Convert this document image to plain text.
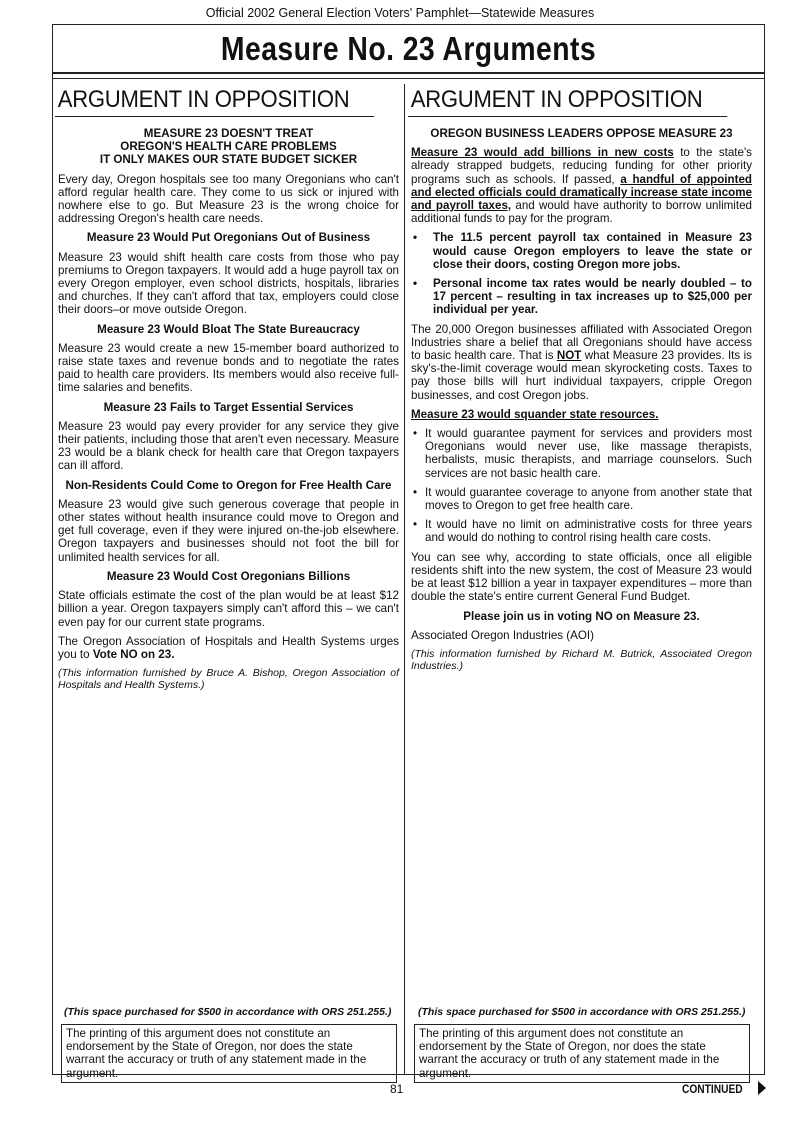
Official 2002 General Election Voters' Pamphlet—Statewide Measures
Measure No. 23 Arguments
ARGUMENT IN OPPOSITION
MEASURE 23 DOESN'T TREAT
OREGON'S HEALTH CARE PROBLEMS
IT ONLY MAKES OUR STATE BUDGET SICKER

Every day, Oregon hospitals see too many Oregonians who can't afford regular health care. They come to us sick or injured with nowhere else to go. But Measure 23 is the wrong choice for addressing Oregon's health care needs.

Measure 23 Would Put Oregonians Out of Business

Measure 23 would shift health care costs from those who pay premiums to Oregon taxpayers. It would add a huge payroll tax on every Oregon employer, even school districts, hospitals, libraries and churches. If they can't afford that tax, employers could close their doors–or move outside Oregon.

Measure 23 Would Bloat The State Bureaucracy

Measure 23 would create a new 15-member board authorized to raise state taxes and revenue bonds and to negotiate the rates paid to health care providers. Its members would also receive full-time salaries and benefits.

Measure 23 Fails to Target Essential Services

Measure 23 would pay every provider for any service they give their patients, including those that aren't even necessary. Measure 23 would be a blank check for health care that Oregon taxpayers can ill afford.

Non-Residents Could Come to Oregon for Free Health Care

Measure 23 would give such generous coverage that people in other states without health insurance could move to Oregon and get full coverage, even if they were injured on-the-job elsewhere. Oregon taxpayers and businesses should not foot the bill for unlimited health services for all.

Measure 23 Would Cost Oregonians Billions

State officials estimate the cost of the plan would be at least $12 billion a year. Oregon taxpayers simply can't afford this – we can't even pay for our current state programs.

The Oregon Association of Hospitals and Health Systems urges you to Vote NO on 23.

(This information furnished by Bruce A. Bishop, Oregon Association of Hospitals and Health Systems.)

ARGUMENT IN OPPOSITION
OREGON BUSINESS LEADERS OPPOSE MEASURE 23

Measure 23 would add billions in new costs to the state's already strapped budgets, reducing funding for other priority programs such as schools. If passed, a handful of appointed and elected officials could dramatically increase state income and payroll taxes, and would have authority to borrow unlimited additional funds to pay for the program.

• The 11.5 percent payroll tax contained in Measure 23 would cause Oregon employers to leave the state or close their doors, costing Oregon more jobs.
• Personal income tax rates would be nearly doubled – to 17 percent – resulting in tax increases up to $25,000 per individual per year.

The 20,000 Oregon businesses affiliated with Associated Oregon Industries share a belief that all Oregonians should have access to basic health care. That is NOT what Measure 23 provides. Its is sky's-the-limit coverage would mean skyrocketing costs. Taxes to pay those bills will hurt individual taxpayers, cripple Oregon businesses, and cost Oregon jobs.

Measure 23 would squander state resources.

• It would guarantee payment for services and providers most Oregonians would never use, like massage therapists, herbalists, music therapists, and marriage counselors. Such services are not basic health care.
• It would guarantee coverage to anyone from another state that moves to Oregon to get free health care.
• It would have no limit on administrative costs for three years and would do nothing to control rising health care costs.

You can see why, according to state officials, once all eligible residents shift into the new system, the cost of Measure 23 would be at least $12 billion a year in taxpayer expenditures – more than double the state's entire current General Fund Budget.

Please join us in voting NO on Measure 23.

Associated Oregon Industries (AOI)

(This information furnished by Richard M. Butrick, Associated Oregon Industries.)

(This space purchased for $500 in accordance with ORS 251.255.)	(This space purchased for $500 in accordance with ORS 251.255.)
The printing of this argument does not constitute an endorsement by the State of Oregon, nor does the state warrant the accuracy or truth of any statement made in the argument.
The printing of this argument does not constitute an endorsement by the State of Oregon, nor does the state warrant the accuracy or truth of any statement made in the argument.
81	CONTINUED
